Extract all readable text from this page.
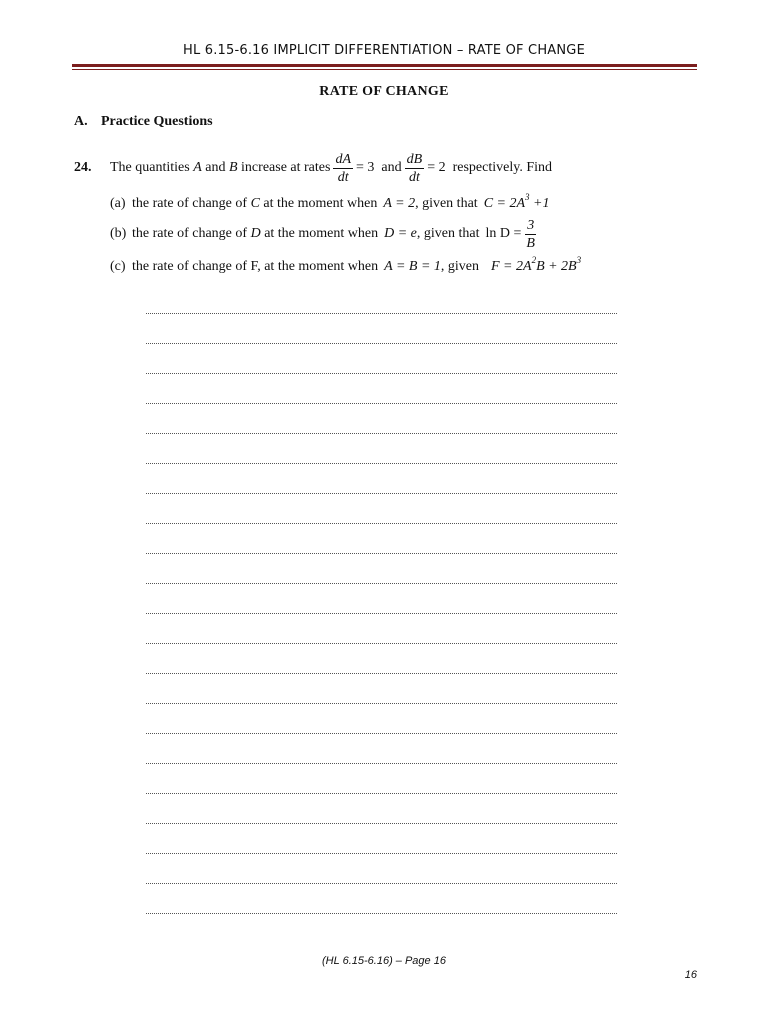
HL 6.15-6.16 IMPLICIT DIFFERENTIATION – RATE OF CHANGE
RATE OF CHANGE
A. Practice Questions
24. The quantities
A
and
B
increase at rates $\frac{dA}{dt} = 3$
and $\frac{dB}{dt} = 2$
respectively. Find
(a) the rate of change of
C
at the moment when A = 2 , given that $C = 2A^3 +1$
(b) the rate of change of
D
at the moment when D = e , given that $\ln D = \frac{3}{B}$
(c) the rate of change of F, at the moment when A = B = 1 , given $F = 2A^2B + 2B^3$
(HL 6.15-6.16) – Page 16
16
